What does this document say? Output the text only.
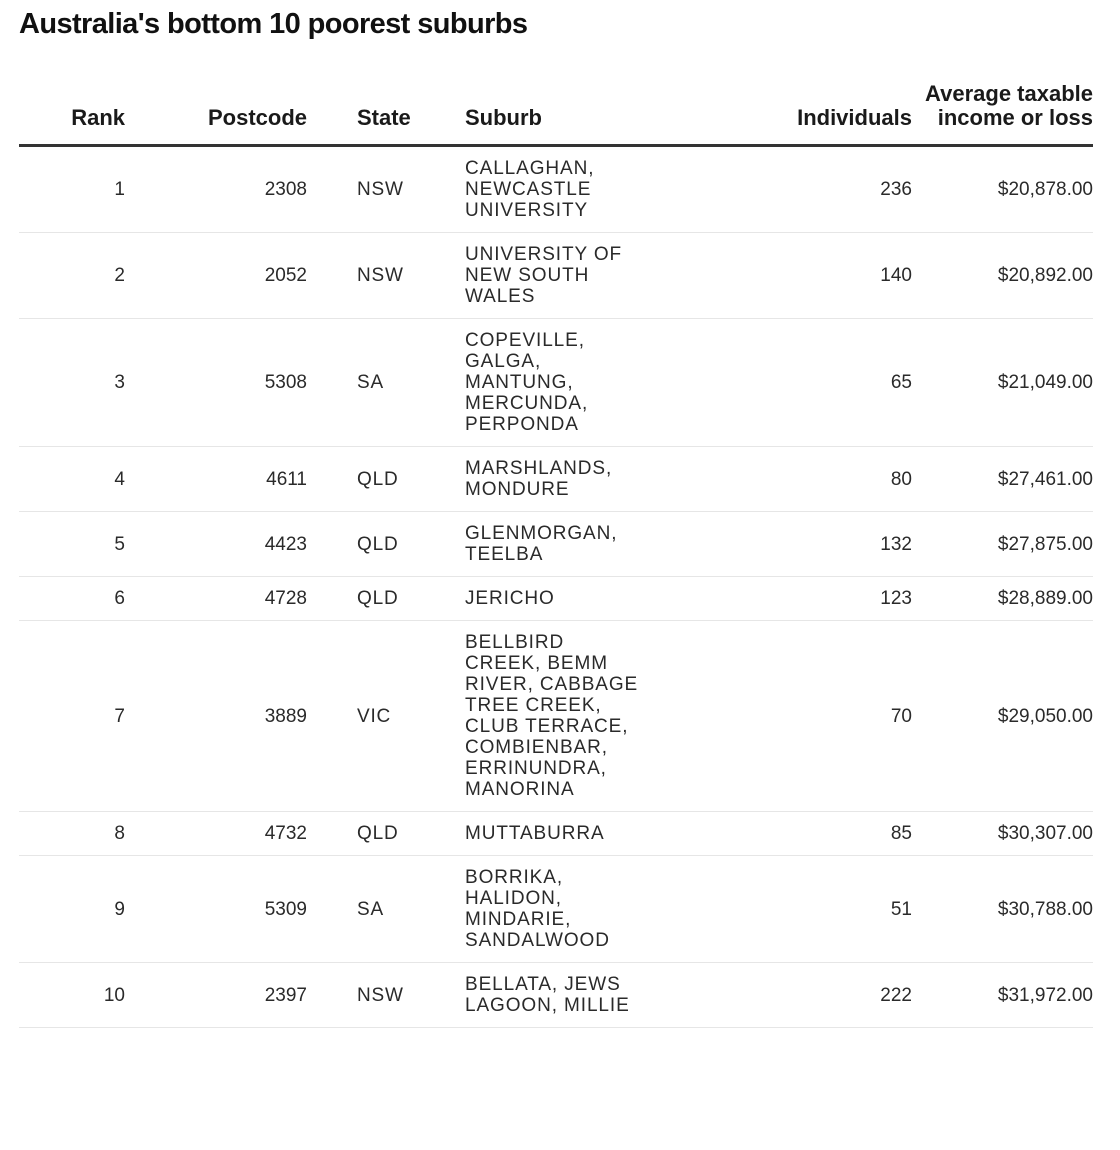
Australia's bottom 10 poorest suburbs
Rank	Postcode	State	Suburb	Individuals	Average taxable income or loss
1	2308	NSW	CALLAGHAN, NEWCASTLE UNIVERSITY	236	$20,878.00
2	2052	NSW	UNIVERSITY OF NEW SOUTH WALES	140	$20,892.00
3	5308	SA	COPEVILLE, GALGA, MANTUNG, MERCUNDA, PERPONDA	65	$21,049.00
4	4611	QLD	MARSHLANDS, MONDURE	80	$27,461.00
5	4423	QLD	GLENMORGAN, TEELBA	132	$27,875.00
6	4728	QLD	JERICHO	123	$28,889.00
7	3889	VIC	BELLBIRD CREEK, BEMM RIVER, CABBAGE TREE CREEK, CLUB TERRACE, COMBIENBAR, ERRINUNDRA, MANORINA	70	$29,050.00
8	4732	QLD	MUTTABURRA	85	$30,307.00
9	5309	SA	BORRIKA, HALIDON, MINDARIE, SANDALWOOD	51	$30,788.00
10	2397	NSW	BELLATA, JEWS LAGOON, MILLIE	222	$31,972.00
